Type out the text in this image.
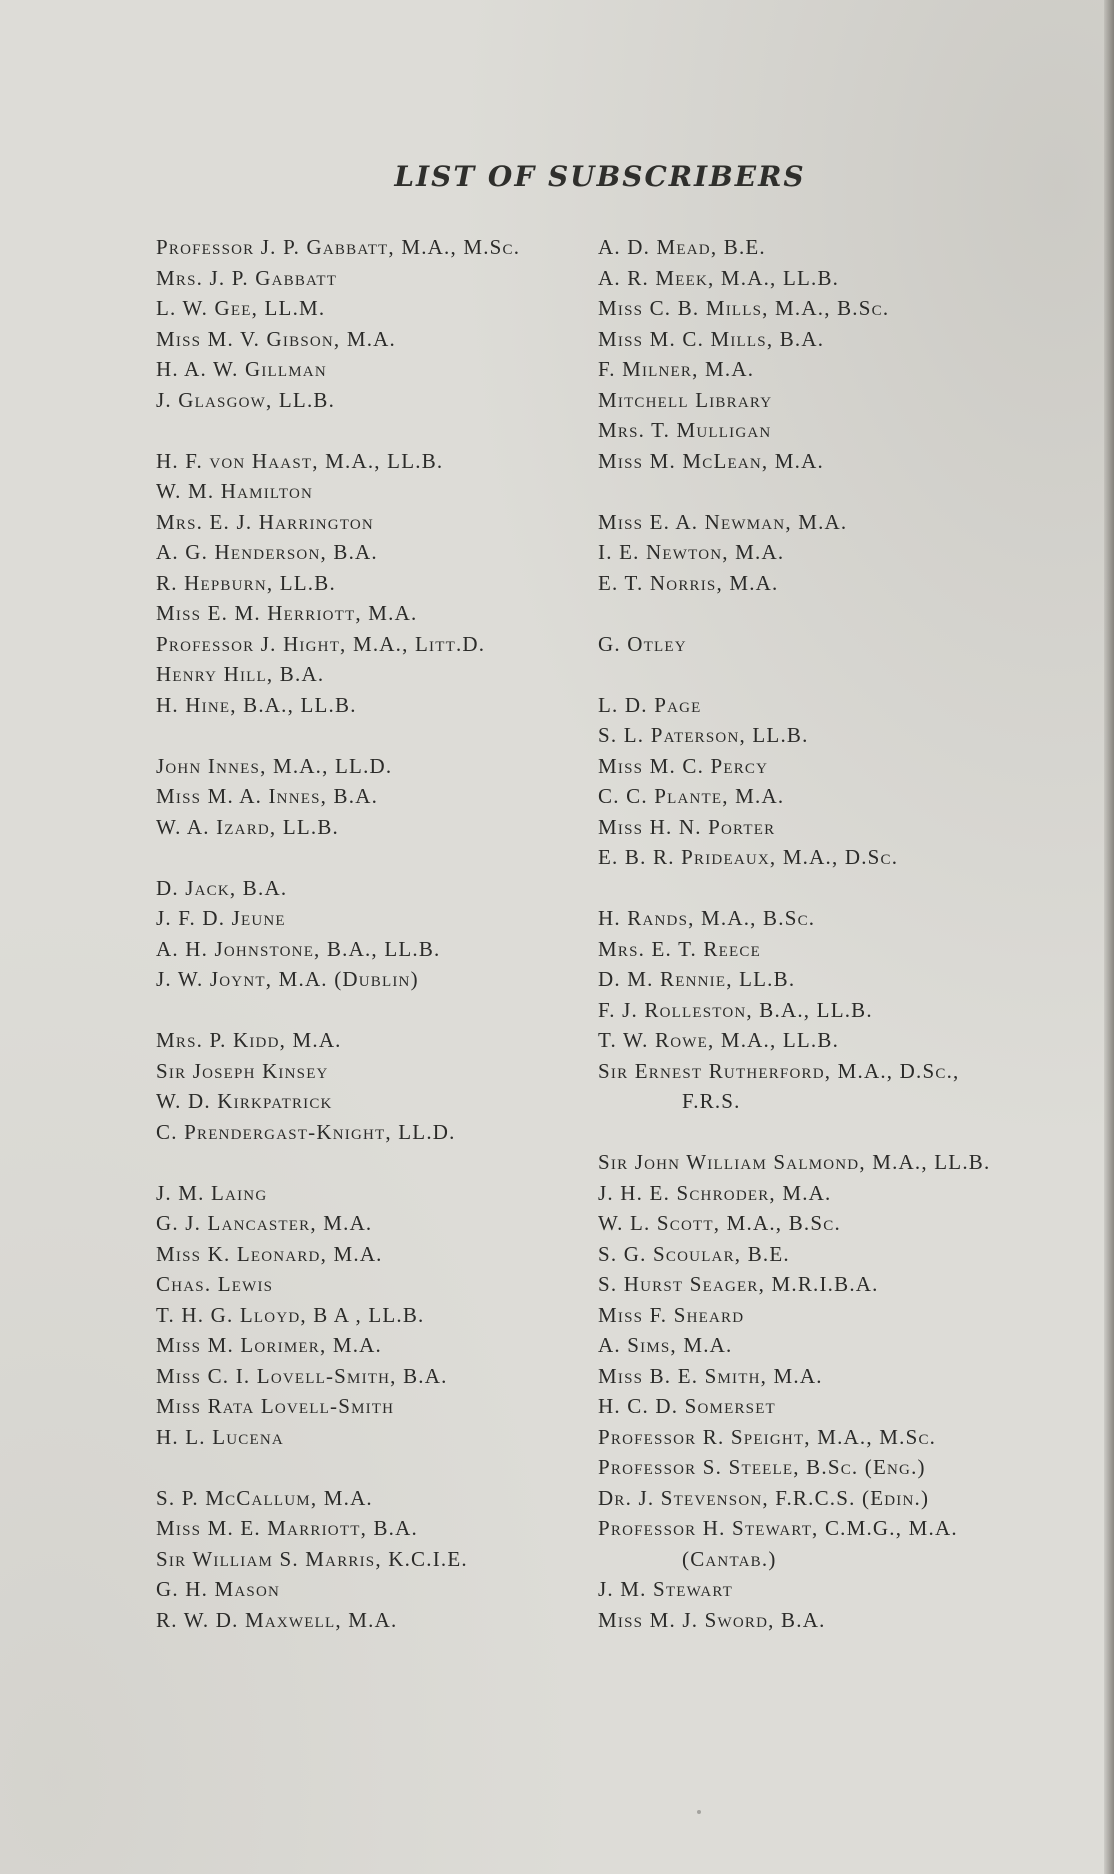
LIST OF SUBSCRIBERS
Professor J. P. Gabbatt, M.A., M.Sc.
Mrs. J. P. Gabbatt
L. W. Gee, LL.M.
Miss M. V. Gibson, M.A.
H. A. W. Gillman
J. Glasgow, LL.B.
H. F. von Haast, M.A., LL.B.
W. M. Hamilton
Mrs. E. J. Harrington
A. G. Henderson, B.A.
R. Hepburn, LL.B.
Miss E. M. Herriott, M.A.
Professor J. Hight, M.A., Litt.D.
Henry Hill, B.A.
H. Hine, B.A., LL.B.
John Innes, M.A., LL.D.
Miss M. A. Innes, B.A.
W. A. Izard, LL.B.
D. Jack, B.A.
J. F. D. Jeune
A. H. Johnstone, B.A., LL.B.
J. W. Joynt, M.A. (Dublin)
Mrs. P. Kidd, M.A.
Sir Joseph Kinsey
W. D. Kirkpatrick
C. Prendergast-Knight, LL.D.
J. M. Laing
G. J. Lancaster, M.A.
Miss K. Leonard, M.A.
Chas. Lewis
T. H. G. Lloyd, B A , LL.B.
Miss M. Lorimer, M.A.
Miss C. I. Lovell-Smith, B.A.
Miss Rata Lovell-Smith
H. L. Lucena
S. P. McCallum, M.A.
Miss M. E. Marriott, B.A.
Sir William S. Marris, K.C.I.E.
G. H. Mason
R. W. D. Maxwell, M.A.
A. D. Mead, B.E.
A. R. Meek, M.A., LL.B.
Miss C. B. Mills, M.A., B.Sc.
Miss M. C. Mills, B.A.
F. Milner, M.A.
Mitchell Library
Mrs. T. Mulligan
Miss M. McLean, M.A.
Miss E. A. Newman, M.A.
I. E. Newton, M.A.
E. T. Norris, M.A.
G. Otley
L. D. Page
S. L. Paterson, LL.B.
Miss M. C. Percy
C. C. Plante, M.A.
Miss H. N. Porter
E. B. R. Prideaux, M.A., D.Sc.
H. Rands, M.A., B.Sc.
Mrs. E. T. Reece
D. M. Rennie, LL.B.
F. J. Rolleston, B.A., LL.B.
T. W. Rowe, M.A., LL.B.
Sir Ernest Rutherford, M.A., D.Sc.,
F.R.S.
Sir John William Salmond, M.A., LL.B.
J. H. E. Schroder, M.A.
W. L. Scott, M.A., B.Sc.
S. G. Scoular, B.E.
S. Hurst Seager, M.R.I.B.A.
Miss F. Sheard
A. Sims, M.A.
Miss B. E. Smith, M.A.
H. C. D. Somerset
Professor R. Speight, M.A., M.Sc.
Professor S. Steele, B.Sc. (Eng.)
Dr. J. Stevenson, F.R.C.S. (Edin.)
Professor H. Stewart, C.M.G., M.A.
(Cantab.)
J. M. Stewart
Miss M. J. Sword, B.A.
